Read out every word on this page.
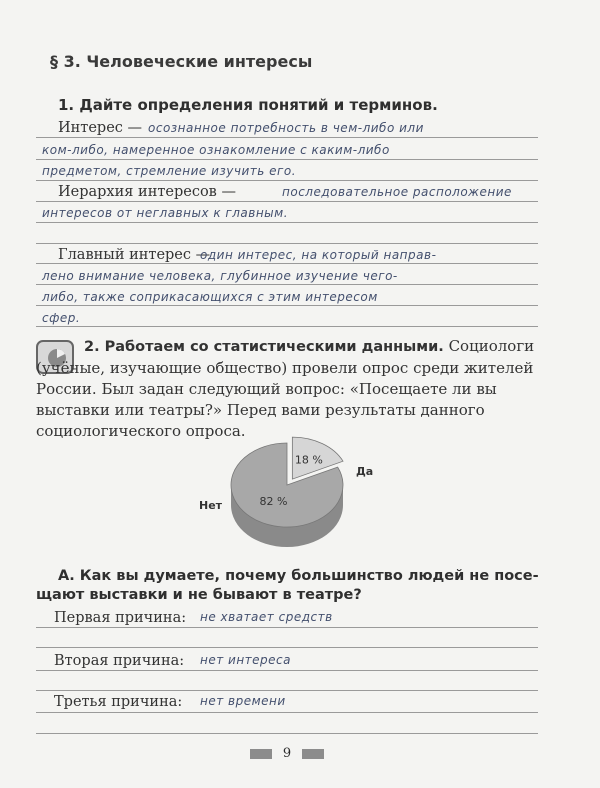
§ 3. Человеческие интересы
1. Дайте определения понятий и терминов.
Интерес — осознанное потребность в чем-либо или
ком-либо, намеренное ознакомление с каким-либо
предметом, стремление изучить его.
Иерархия интересов —	последовательное расположение
интересов от неглавных к главным.
Главный интерес —
один интерес, на который направ-
лено внимание человека, глубинное изучение чего-
либо, также соприкасающихся с этим интересом
сфер.
2. Работаем со статистическими данными. Социологи (учёные, изучающие общество) провели опрос среди жителей России. Был задан следующий вопрос: «Посещаете ли вы выставки или театры?» Перед вами результаты данного социологического опроса.
82 %
18 %
Нет
Да
А. Как вы думаете, почему большинство людей не посе-
щают выставки и не бывают в театре?
Первая причина:	не хватает средств
Вторая причина:	нет интереса
Третья причина:	нет времени
9
